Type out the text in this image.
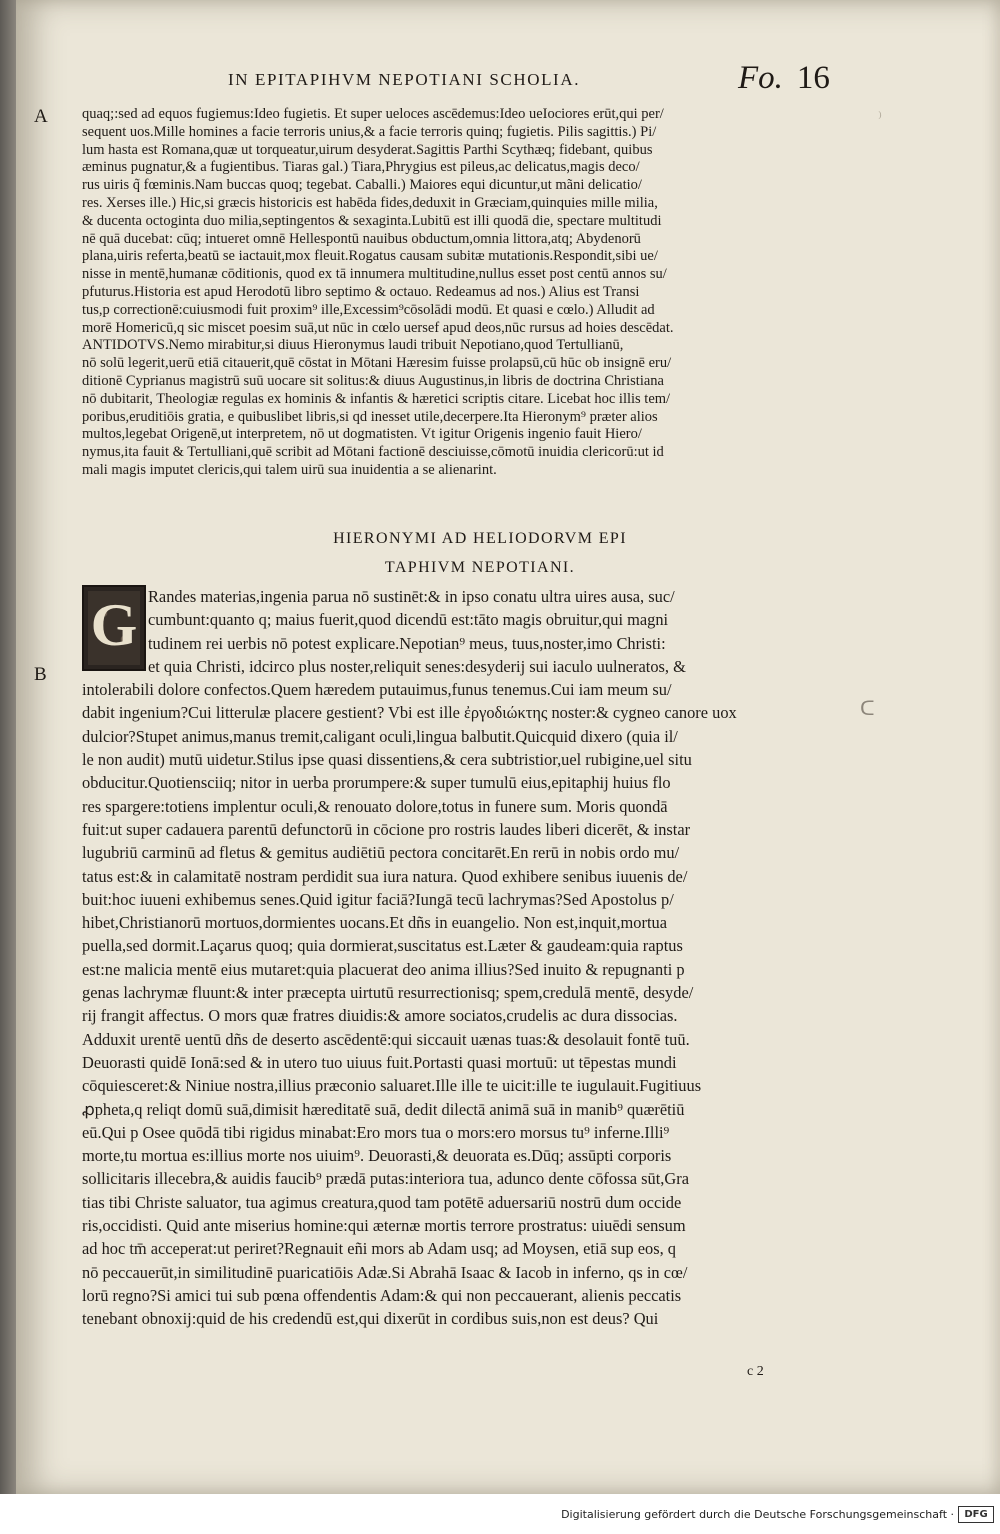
⁾
IN EPITAPIHVM NEPOTIANI SCHOLIA.	Fo. 16
A
B
quaq;:sed ad equos fugiemus:Ideo fugietis. Et super ueloces ascēdemus:Ideo ueIociores erūt,qui per/
sequent uos.Mille homines a facie terroris unius,& a facie terroris quinq; fugietis. Pilis sagittis.) Pi/
lum hasta est Romana,quæ ut torqueatur,uirum desyderat.Sagittis Parthi Scythæq; fidebant, quibus
æminus pugnatur,& a fugientibus. Tiaras gal.) Tiara,Phrygius est pileus,ac delicatus,magis deco/
rus uiris q̃ fœminis.Nam buccas quoq; tegebat. Caballi.) Maiores equi dicuntur,ut mãni delicatio/
res. Xerses ille.) Hic,si græcis historicis est habēda fides,deduxit in Græciam,quinquies mille milia,
& ducenta octoginta duo milia,septingentos & sexaginta.Lubitū est illi quodā die, spectare multitudi
nē quā ducebat: cūq; intueret omnē Hellespontū nauibus obductum,omnia littora,atq; Abydenorū
plana,uiris referta,beatū se iactauit,mox fleuit.Rogatus causam subitæ mutationis.Respondit,sibi ue/
nisse in mentē,humanæ cōditionis, quod ex tā innumera multitudine,nullus esset post centū annos su/
pfuturus.Historia est apud Herodotū libro septimo & octauo. Redeamus ad nos.) Alius est Transi
tus,p correctionē:cuiusmodi fuit proxim⁹ ille,Excessim⁹cōsolādi modū. Et quasi e cœlo.) Alludit ad
morē Homericū,q sic miscet poesim suā,ut nūc in cœlo uersef apud deos,nūc rursus ad hoies descēdat.
ANTIDOTVS.Nemo mirabitur,si diuus Hieronymus laudi tribuit Nepotiano,quod Tertullianū,
nō solū legerit,uerū etiā citauerit,quē cōstat in Mōtani Hæresim fuisse prolapsū,cū hūc ob insignē eru/
ditionē Cyprianus magistrū suū uocare sit solitus:& diuus Augustinus,in libris de doctrina Christiana
nō dubitarit, Theologiæ regulas ex hominis & infantis & hæretici scriptis citare. Licebat hoc illis tem/
poribus,eruditiōis gratia, e quibuslibet libris,si qd inesset utile,decerpere.Ita Hieronym⁹ præter alios
multos,legebat Origenē,ut interpretem, nō ut dogmatisten. Vt igitur Origenis ingenio fauit Hiero/
nymus,ita fauit & Tertulliani,quē scribit ad Mōtani factionē desciuisse,cōmotū inuidia clericorū:ut id
mali magis imputet clericis,qui talem uirū sua inuidentia a se alienarint.
HIERONYMI AD HELIODORVM EPI
TAPHIVM NEPOTIANI.
G Randes materias,ingenia parua nō sustinēt:& in ipso conatu ultra uires ausa, suc/
cumbunt:quanto q; maius fuerit,quod dicendū est:tāto magis obruitur,qui magni
tudinem rei uerbis nō potest explicare.Nepotian⁹ meus, tuus,noster,imo Christi:
et quia Christi, idcirco plus noster,reliquit senes:desyderij sui iaculo uulneratos, &
intolerabili dolore confectos.Quem hæredem putauimus,funus tenemus.Cui iam meum su/
dabit ingenium?Cui litterulæ placere gestient? Vbi est ille ἐργοδιώκτης noster:& cygneo canore uox
dulcior?Stupet animus,manus tremit,caligant oculi,lingua balbutit.Quicquid dixero (quia il/
le non audit) mutū uidetur.Stilus ipse quasi dissentiens,& cera subtristior,uel rubigine,uel situ
obducitur.Quotiensciiq; nitor in uerba prorumpere:& super tumulū eius,epitaphij huius flo
res spargere:totiens implentur oculi,& renouato dolore,totus in funere sum. Moris quondā
fuit:ut super cadauera parentū defunctorū in cōcione pro rostris laudes liberi dicerēt, & instar
lugubriū carminū ad fletus & gemitus audiētiū pectora concitarēt.En rerū in nobis ordo mu/
tatus est:& in calamitatē nostram perdidit sua iura natura. Quod exhibere senibus iuuenis de/
buit:hoc iuueni exhibemus senes.Quid igitur faciā?Iungā tecū lachrymas?Sed Apostolus p/
hibet,Christianorū mortuos,dormientes uocans.Et dñs in euangelio. Non est,inquit,mortua
puella,sed dormit.Laçarus quoq; quia dormierat,suscitatus est.Læter & gaudeam:quia raptus
est:ne malicia mentē eius mutaret:quia placuerat deo anima illius?Sed inuito & repugnanti p
genas lachrymæ fluunt:& inter præcepta uirtutū resurrectionisq; spem,credulā mentē, desyde/
rij frangit affectus. O mors quæ fratres diuidis:& amore sociatos,crudelis ac dura dissocias.
Adduxit urentē uentū dñs de deserto ascēdentē:qui siccauit uænas tuas:& desolauit fontē tuū.
Deuorasti quidē Ionā:sed & in utero tuo uiuus fuit.Portasti quasi mortuū: ut tēpestas mundi
cōquiesceret:& Niniue nostra,illius præconio saluaret.Ille ille te uicit:ille te iugulauit.Fugitiuus
ꝓpheta,q reliqt domū suā,dimisit hæreditatē suā, dedit dilectā animā suā in manib⁹ quærētiū
eū.Qui p Osee quōdā tibi rigidus minabat:Ero mors tua o mors:ero morsus tu⁹ inferne.Illi⁹
morte,tu mortua es:illius morte nos uiuim⁹. Deuorasti,& deuorata es.Dūq; assūpti corporis
sollicitaris illecebra,& auidis faucib⁹ prædā putas:interiora tua, adunco dente cōfossa sūt,Gra
tias tibi Christe saluator, tua agimus creatura,quod tam potētē aduersariū nostrū dum occide
ris,occidisti. Quid ante miserius homine:qui æternæ mortis terrore prostratus: uiuēdi sensum
ad hoc tm̄ acceperat:ut periret?Regnauit eñi mors ab Adam usq; ad Moysen, etiā sup eos, q
nō peccauerūt,in similitudinē puaricatiōis Adæ.Si Abrahā Isaac & Iacob in inferno, qs in cœ/
lorū regno?Si amici tui sub pœna offendentis Adam:& qui non peccauerant, alienis peccatis
tenebant obnoxij:quid de his credendū est,qui dixerūt in cordibus suis,non est deus? Qui
ᑕ
c 2
Digitalisierung gefördert durch die Deutsche Forschungsgemeinschaft ·	DFG
